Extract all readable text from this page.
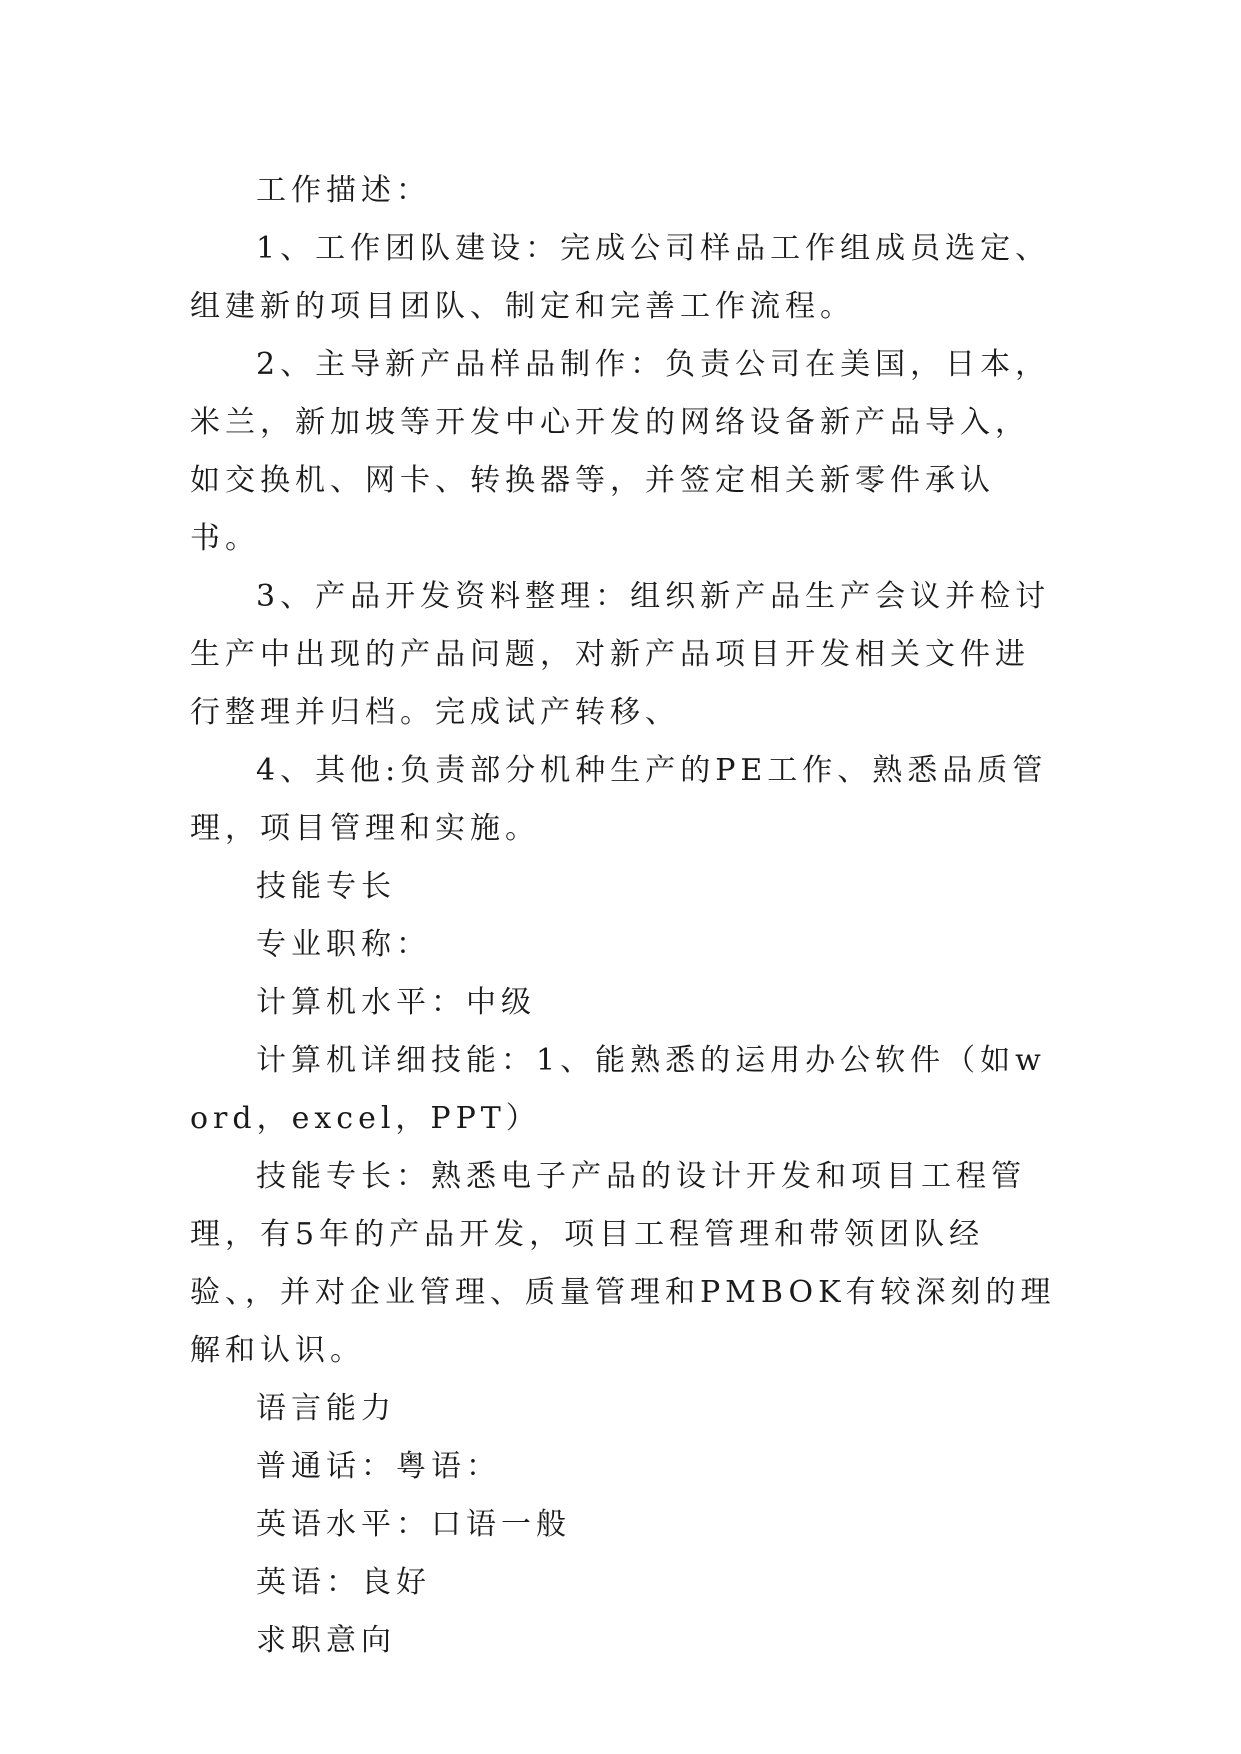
工作描述：

1、工作团队建设：完成公司样品工作组成员选定、组建新的项目团队、制定和完善工作流程。

2、主导新产品样品制作：负责公司在美国，日本，米兰，新加坡等开发中心开发的网络设备新产品导入，如交换机、网卡、转换器等，并签定相关新零件承认书。

3、产品开发资料整理：组织新产品生产会议并检讨生产中出现的产品问题，对新产品项目开发相关文件进行整理并归档。完成试产转移、

4、其他:负责部分机种生产的PE工作、熟悉品质管理，项目管理和实施。

技能专长

专业职称：

计算机水平：中级

计算机详细技能：1、能熟悉的运用办公软件（如word，excel，PPT）

技能专长：熟悉电子产品的设计开发和项目工程管理，有5年的产品开发，项目工程管理和带领团队经验、，并对企业管理、质量管理和PMBOK有较深刻的理解和认识。

语言能力

普通话：粤语：

英语水平：口语一般

英语：良好

求职意向
